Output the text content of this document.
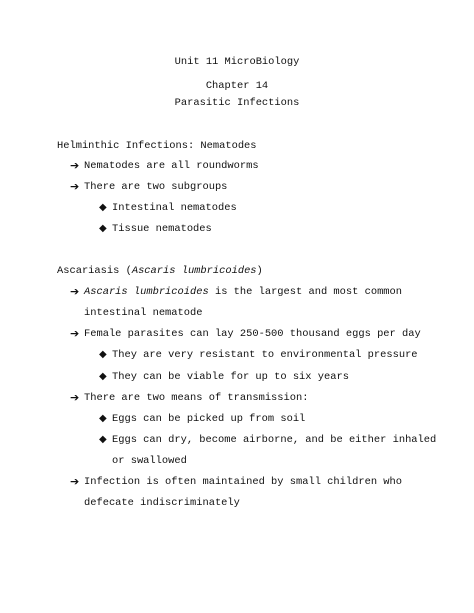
Unit 11 MicroBiology
Chapter 14
Parasitic Infections
Helminthic Infections: Nematodes
➔ Nematodes are all roundworms
➔ There are two subgroups
◆ Intestinal nematodes
◆ Tissue nematodes
Ascariasis (Ascaris lumbricoides)
➔ Ascaris lumbricoides is the largest and most common
intestinal nematode
➔ Female parasites can lay 250-500 thousand eggs per day
◆ They are very resistant to environmental pressure
◆ They can be viable for up to six years
➔ There are two means of transmission:
◆ Eggs can be picked up from soil
◆ Eggs can dry, become airborne, and be either inhaled
or swallowed
➔ Infection is often maintained by small children who
defecate indiscriminately
